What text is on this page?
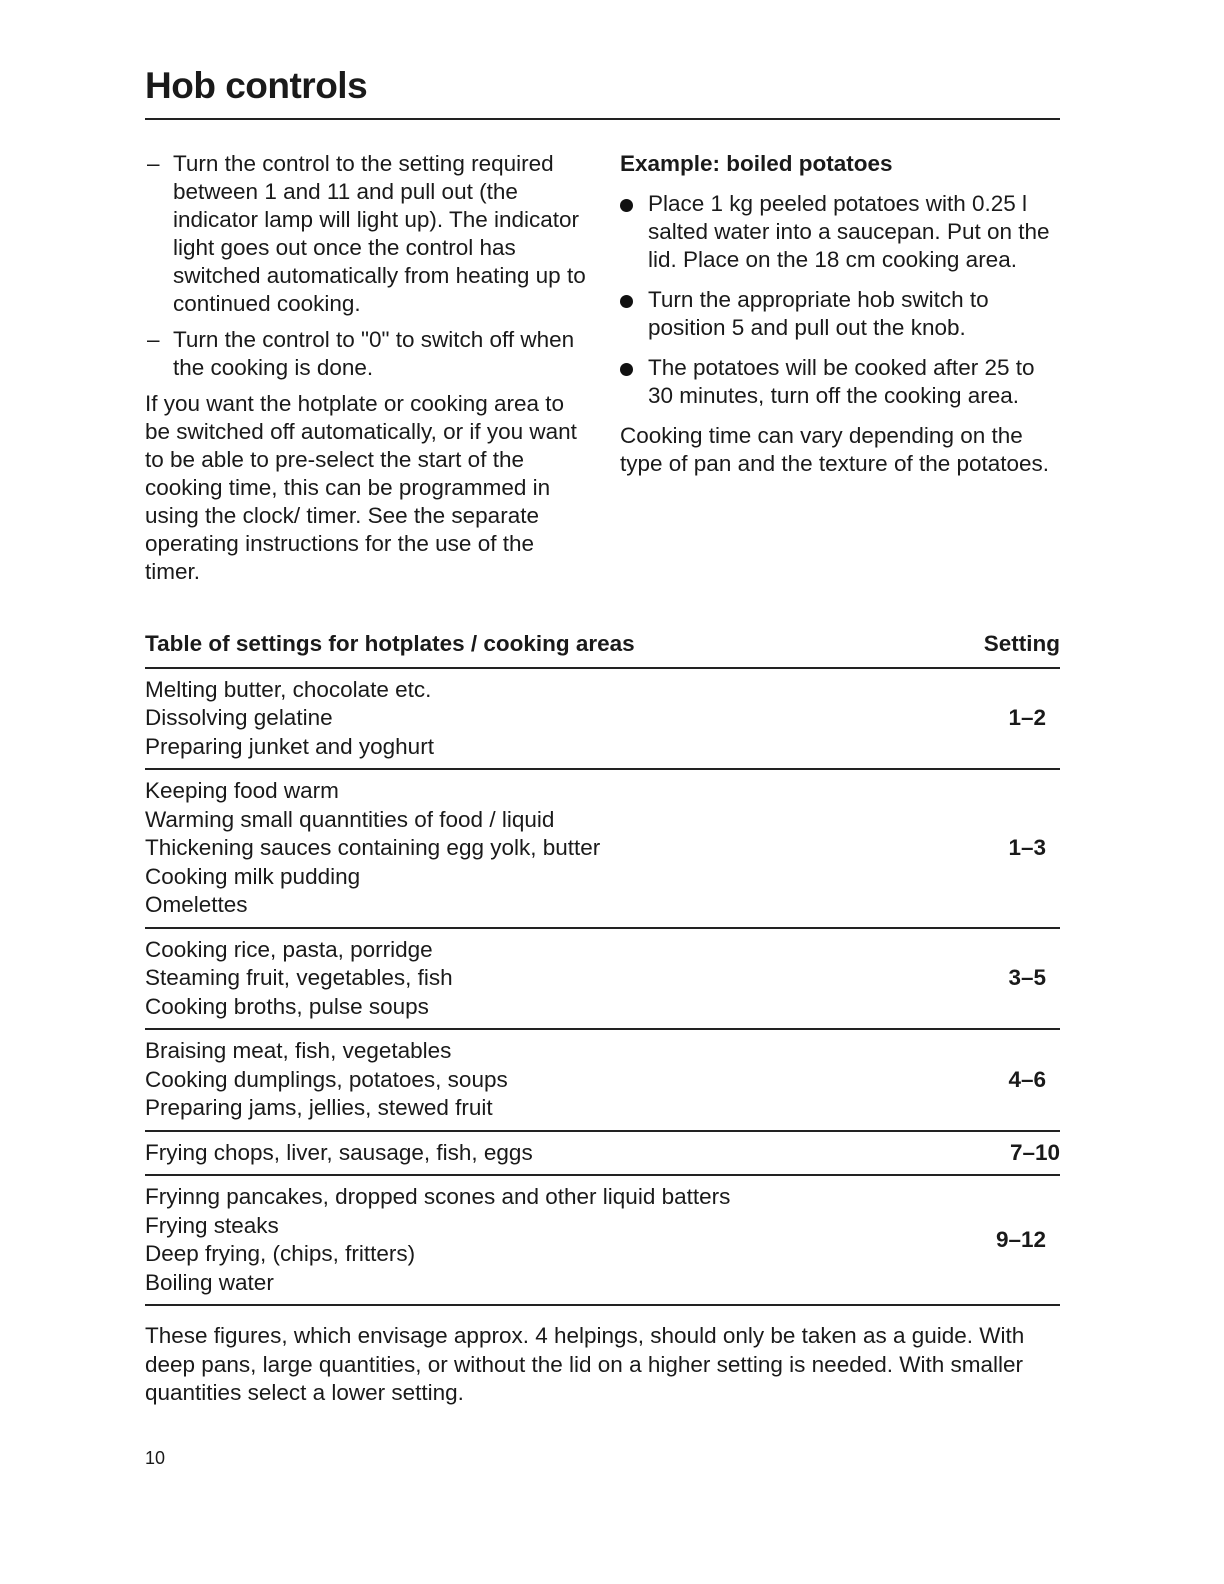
Hob controls
– Turn the control to the setting required between 1 and 11 and pull out (the indicator lamp will light up). The indicator light goes out once the control has switched automatically from heating up to continued cooking.
– Turn the control to "0" to switch off when the cooking is done.

If you want the hotplate or cooking area to be switched off automatically, or if you want to be able to pre-select the start of the cooking time, this can be programmed in using the clock/ timer. See the separate operating instructions for the use of the timer.

Example: boiled potatoes

Place 1 kg peeled potatoes with 0.25 l salted water into a saucepan. Put on the lid. Place on the 18 cm cooking area.
Turn the appropriate hob switch to position 5 and pull out the knob.
The potatoes will be cooked after 25 to 30 minutes, turn off the cooking area.

Cooking time can vary depending on the type of pan and the texture of the potatoes.

Table of settings for hotplates / cooking areas	Setting
Melting butter, chocolate etc.
Dissolving gelatine
Preparing junket and yoghurt
1–2
Keeping food warm
Warming small quanntities of food / liquid
Thickening sauces containing egg yolk, butter
Cooking milk pudding
Omelettes
1–3
Cooking rice, pasta, porridge
Steaming fruit, vegetables, fish
Cooking broths, pulse soups
3–5
Braising meat, fish, vegetables
Cooking dumplings, potatoes, soups
Preparing jams, jellies, stewed fruit
4–6
Frying chops, liver, sausage, fish, eggs	7–10
Fryinng pancakes, dropped scones and other liquid batters
Frying steaks
Deep frying, (chips, fritters)
Boiling water
9–12

These figures, which envisage approx. 4 helpings, should only be taken as a guide. With deep pans, large quantities, or without the lid on a higher setting is needed. With smaller quantities select a lower setting.

10
